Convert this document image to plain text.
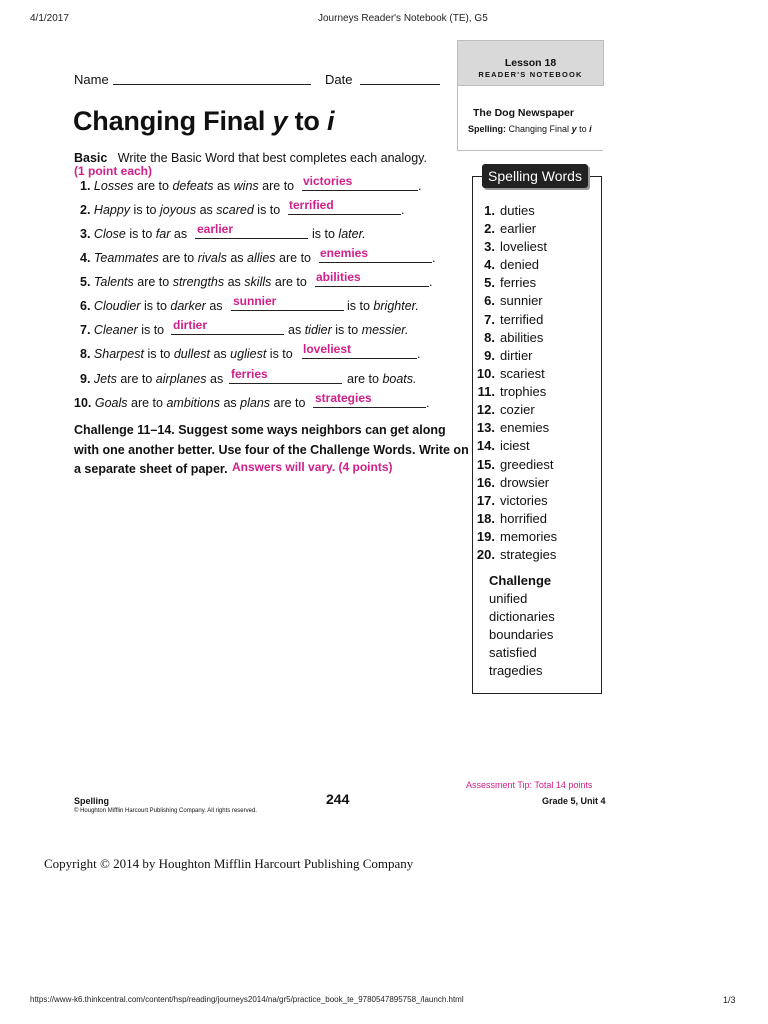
4/1/2017	Journeys Reader's Notebook (TE), G5
Name	Date
Lesson 18
READER'S NOTEBOOK
The Dog Newspaper
Spelling: Changing Final y to i
Changing Final y to i
Basic Write the Basic Word that best completes each analogy.
(1 point each)
1. Losses are to defeats as wins are to	.
victories
2. Happy is to joyous as scared is to	.
terrified
3. Close is to far as	is to later.
earlier
4. Teammates are to rivals as allies are to	.
enemies
5. Talents are to strengths as skills are to	.
abilities
6. Cloudier is to darker as	is to brighter.
sunnier
7. Cleaner is to	as tidier is to messier.
dirtier
8. Sharpest is to dullest as ugliest is to	.
loveliest
9. Jets are to airplanes as	are to boats.
ferries
10. Goals are to ambitions as plans are to	.
strategies
Challenge 11–14. Suggest some ways neighbors can get along
with one another better. Use four of the Challenge Words. Write on
a separate sheet of paper. Answers will vary. (4 points)
Spelling Words
1. duties
2. earlier
3. loveliest
4. denied
5. ferries
6. sunnier
7. terrified
8. abilities
9. dirtier
10. scariest
11. trophies
12. cozier
13. enemies
14. iciest
15. greediest
16. drowsier
17. victories
18. horrified
19. memories
20. strategies
Challenge
unified
dictionaries
boundaries
satisfied
tragedies
Assessment Tip: Total 14 points
Spelling
© Houghton Mifflin Harcourt Publishing Company. All rights reserved.
244	Grade 5, Unit 4
Copyright © 2014 by Houghton Mifflin Harcourt Publishing Company
https://www-k6.thinkcentral.com/content/hsp/reading/journeys2014/na/gr5/practice_book_te_9780547895758_/launch.html	1/3
